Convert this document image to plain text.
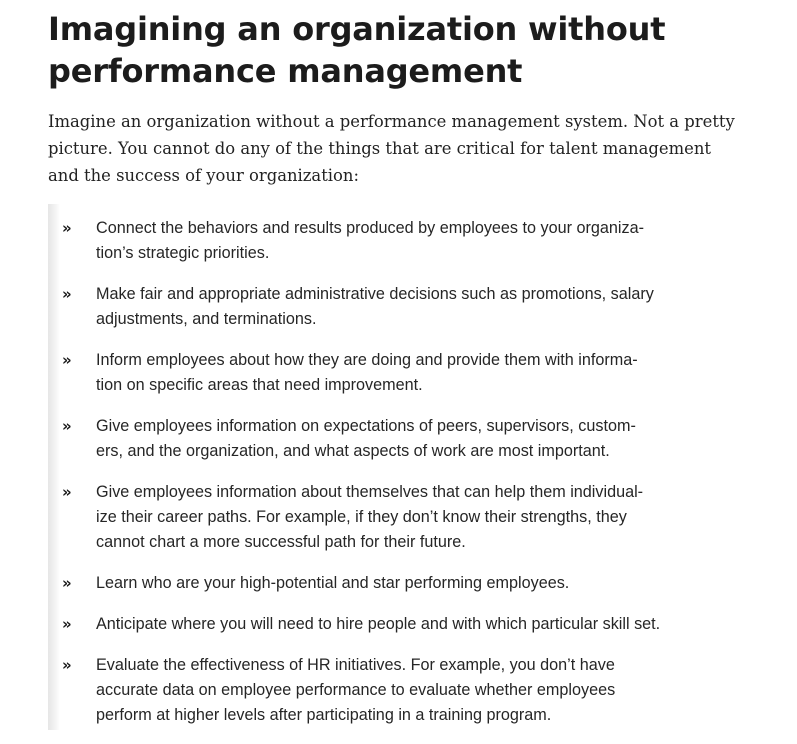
Imagining an organization without
performance management

Imagine an organization without a performance management system. Not a pretty
picture. You cannot do any of the things that are critical for talent management
and the success of your organization:

» Connect the behaviors and results produced by employees to your organiza-
tion’s strategic priorities.
» Make fair and appropriate administrative decisions such as promotions, salary
adjustments, and terminations.
» Inform employees about how they are doing and provide them with informa-
tion on specific areas that need improvement.
» Give employees information on expectations of peers, supervisors, custom-
ers, and the organization, and what aspects of work are most important.
» Give employees information about themselves that can help them individual-
ize their career paths. For example, if they don’t know their strengths, they
cannot chart a more successful path for their future.
» Learn who are your high-potential and star performing employees.
» Anticipate where you will need to hire people and with which particular skill set.
» Evaluate the effectiveness of HR initiatives. For example, you don’t have
accurate data on employee performance to evaluate whether employees
perform at higher levels after participating in a training program.
